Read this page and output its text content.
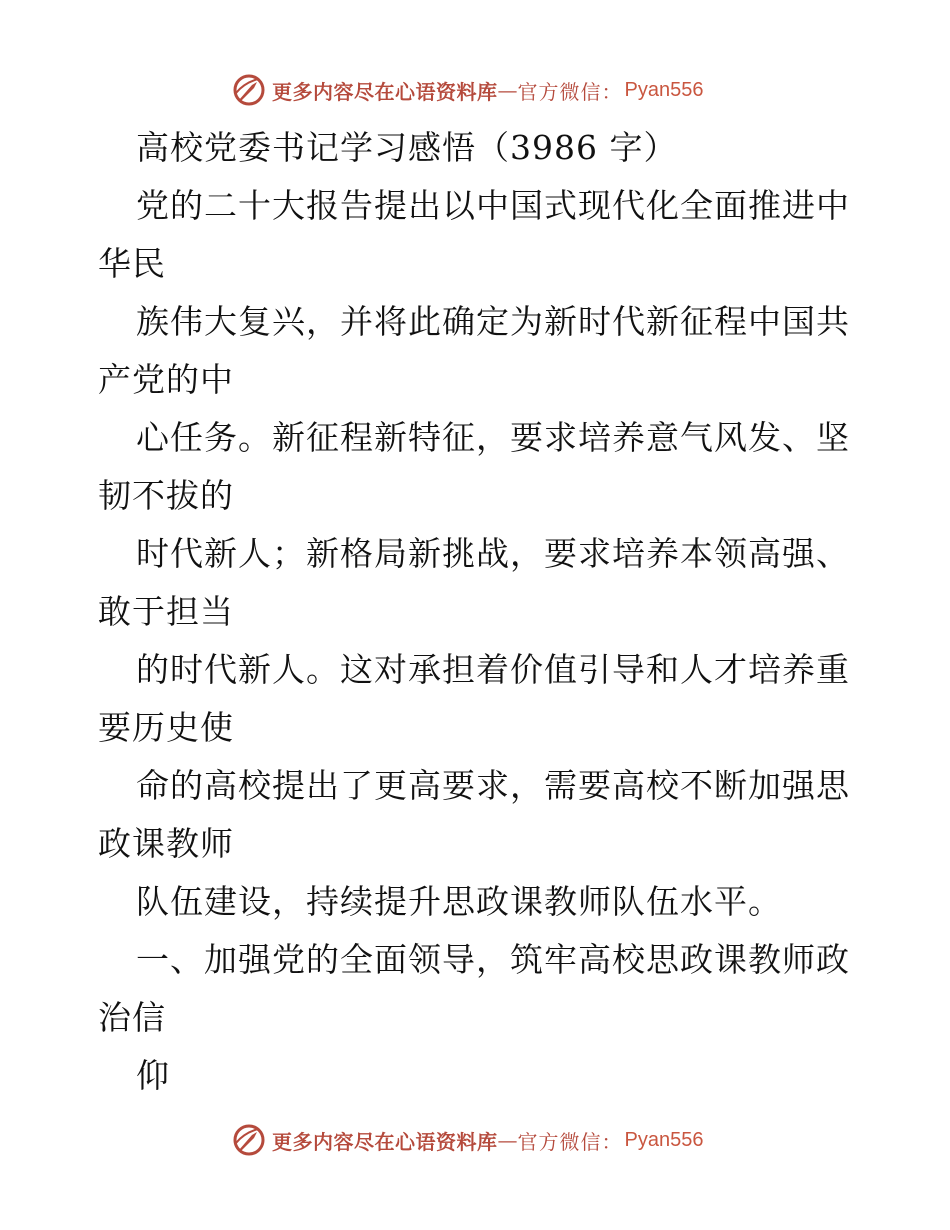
更多内容尽在心语资料库 — 官方微信： Pyan556
高校党委书记学习感悟（3986 字）
党的二十大报告提出以中国式现代化全面推进中
华民
族伟大复兴，并将此确定为新时代新征程中国共
产党的中
心任务。新征程新特征，要求培养意气风发、坚
韧不拔的
时代新人；新格局新挑战，要求培养本领高强、
敢于担当
的时代新人。这对承担着价值引导和人才培养重
要历史使
命的高校提出了更高要求，需要高校不断加强思
政课教师
队伍建设，持续提升思政课教师队伍水平。
一、加强党的全面领导，筑牢高校思政课教师政
治信
仰
更多内容尽在心语资料库 — 官方微信： Pyan556
